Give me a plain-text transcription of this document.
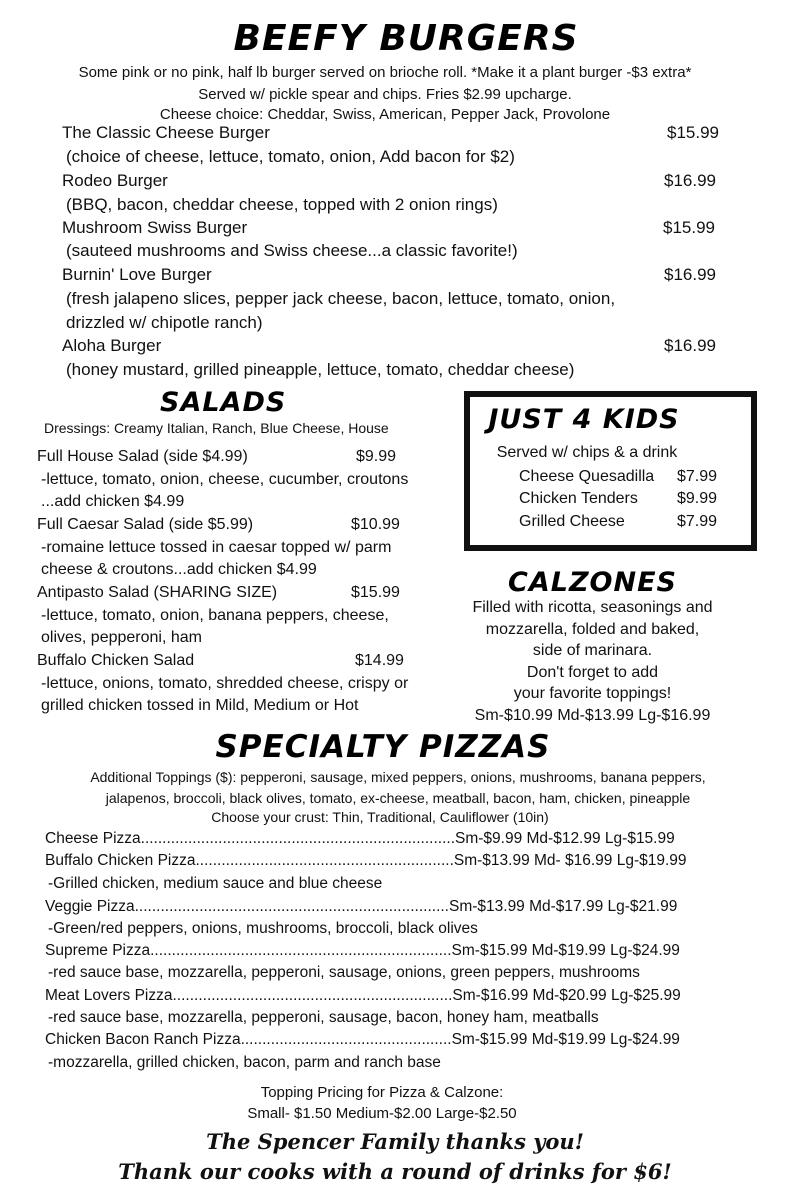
BEEFY BURGERS
Some pink or no pink, half lb burger served on brioche roll. *Make it a plant burger -$3 extra*
Served w/ pickle spear and chips. Fries $2.99 upcharge.
Cheese choice: Cheddar, Swiss, American, Pepper Jack, Provolone
The Classic Cheese Burger	$15.99
(choice of cheese, lettuce, tomato, onion, Add bacon for $2)
Rodeo Burger	$16.99
(BBQ, bacon, cheddar cheese, topped with 2 onion rings)
Mushroom Swiss Burger	$15.99
(sauteed mushrooms and Swiss cheese...a classic favorite!)
Burnin' Love Burger	$16.99
(fresh jalapeno slices, pepper jack cheese, bacon, lettuce, tomato, onion,
drizzled w/ chipotle ranch)
Aloha Burger	$16.99
(honey mustard, grilled pineapple, lettuce, tomato, cheddar cheese)
SALADS
Dressings: Creamy Italian, Ranch, Blue Cheese, House
Full House Salad (side $4.99)	$9.99
-lettuce, tomato, onion, cheese, cucumber, croutons
...add chicken $4.99
Full Caesar Salad (side $5.99)	$10.99
-romaine lettuce tossed in caesar topped w/ parm
cheese & croutons...add chicken $4.99
Antipasto Salad (SHARING SIZE)	$15.99
-lettuce, tomato, onion, banana peppers, cheese,
olives, pepperoni, ham
Buffalo Chicken Salad	$14.99
-lettuce, onions, tomato, shredded cheese, crispy or
grilled chicken tossed in Mild, Medium or Hot
JUST 4 KIDS
Served w/ chips & a drink
Cheese Quesadilla $7.99
Chicken Tenders $9.99
Grilled Cheese	$7.99
CALZONES
Filled with ricotta, seasonings and
mozzarella, folded and baked,
side of marinara.
Don't forget to add
your favorite toppings!
Sm-$10.99 Md-$13.99 Lg-$16.99
SPECIALTY PIZZAS
Additional Toppings ($): pepperoni, sausage, mixed peppers, onions, mushrooms, banana peppers,
jalapenos, broccoli, black olives, tomato, ex-cheese, meatball, bacon, ham, chicken, pineapple
Choose your crust: Thin, Traditional, Cauliflower (10in)
Cheese Pizza.........................................................................Sm-$9.99 Md-$12.99 Lg-$15.99
Buffalo Chicken Pizza............................................................Sm-$13.99 Md- $16.99 Lg-$19.99
-Grilled chicken, medium sauce and blue cheese
Veggie Pizza.........................................................................Sm-$13.99 Md-$17.99 Lg-$21.99
-Green/red peppers, onions, mushrooms, broccoli, black olives
Supreme Pizza......................................................................Sm-$15.99 Md-$19.99 Lg-$24.99
-red sauce base, mozzarella, pepperoni, sausage, onions, green peppers, mushrooms
Meat Lovers Pizza.................................................................Sm-$16.99 Md-$20.99 Lg-$25.99
-red sauce base, mozzarella, pepperoni, sausage, bacon, honey ham, meatballs
Chicken Bacon Ranch Pizza.................................................Sm-$15.99 Md-$19.99 Lg-$24.99
-mozzarella, grilled chicken, bacon, parm and ranch base
Topping Pricing for Pizza & Calzone:
Small- $1.50 Medium-$2.00 Large-$2.50
The Spencer Family thanks you!
Thank our cooks with a round of drinks for $6!
